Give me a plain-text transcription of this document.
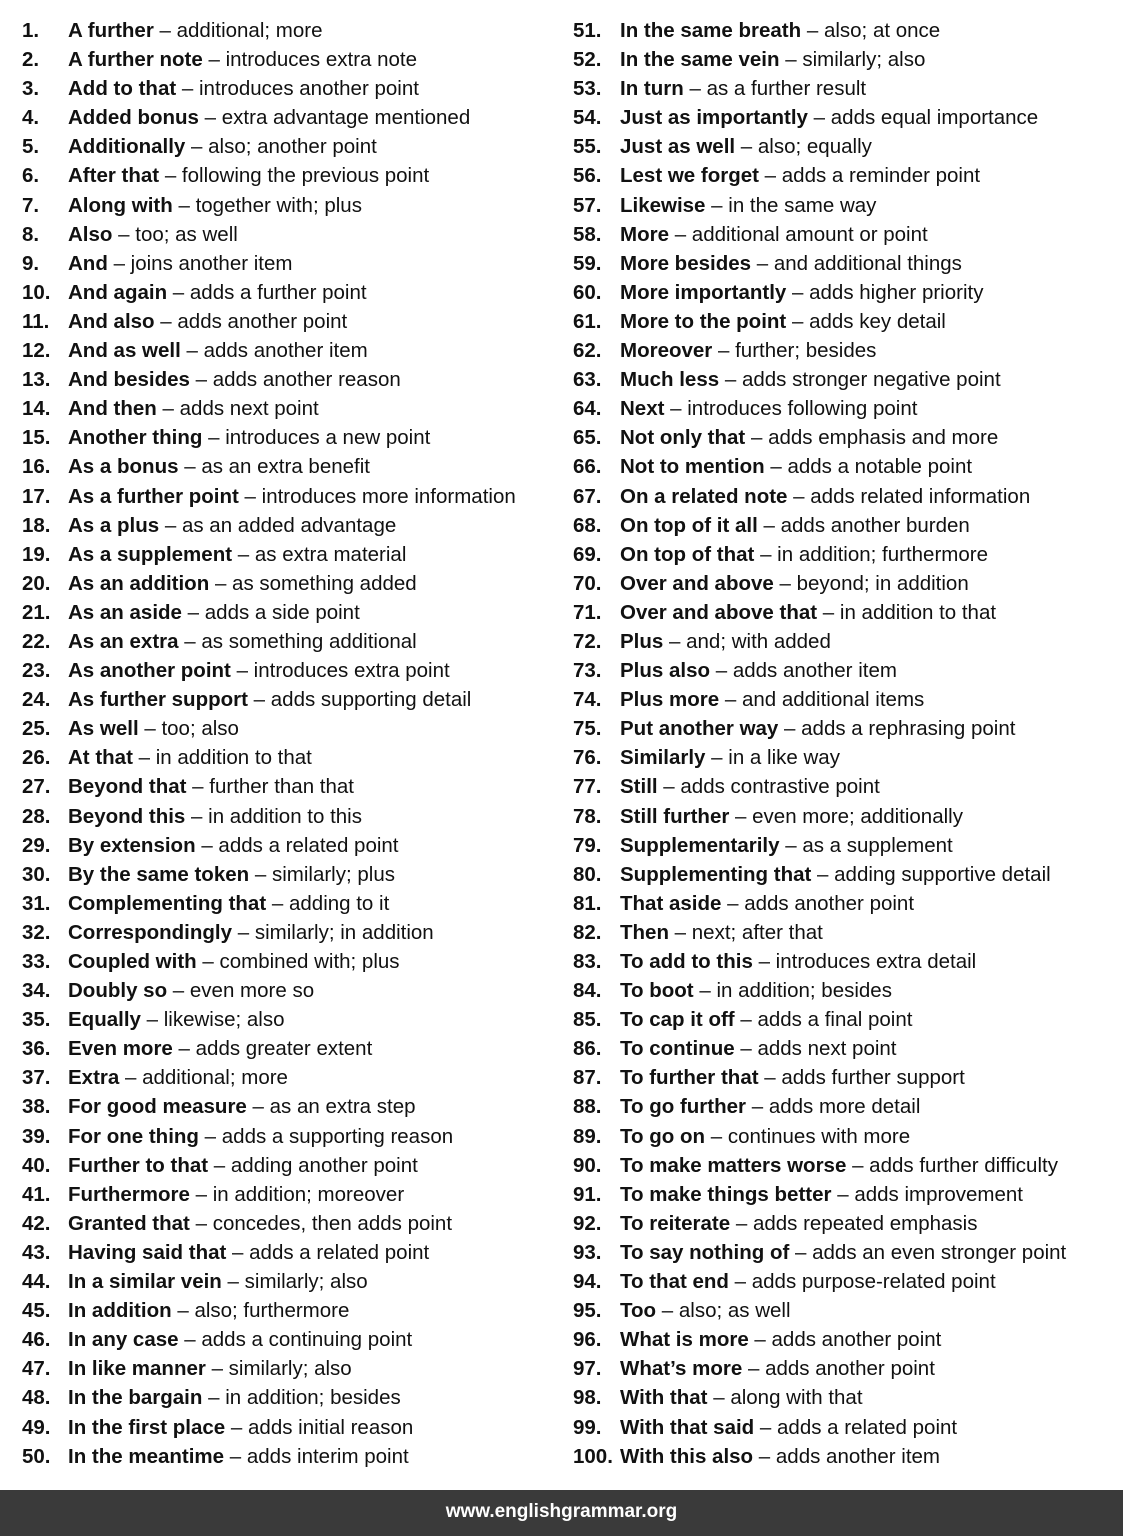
1. A further – additional; more
2. A further note – introduces extra note
3. Add to that – introduces another point
4. Added bonus – extra advantage mentioned
5. Additionally – also; another point
6. After that – following the previous point
7. Along with – together with; plus
8. Also – too; as well
9. And – joins another item
10. And again – adds a further point
11. And also – adds another point
12. And as well – adds another item
13. And besides – adds another reason
14. And then – adds next point
15. Another thing – introduces a new point
16. As a bonus – as an extra benefit
17. As a further point – introduces more information
18. As a plus – as an added advantage
19. As a supplement – as extra material
20. As an addition – as something added
21. As an aside – adds a side point
22. As an extra – as something additional
23. As another point – introduces extra point
24. As further support – adds supporting detail
25. As well – too; also
26. At that – in addition to that
27. Beyond that – further than that
28. Beyond this – in addition to this
29. By extension – adds a related point
30. By the same token – similarly; plus
31. Complementing that – adding to it
32. Correspondingly – similarly; in addition
33. Coupled with – combined with; plus
34. Doubly so – even more so
35. Equally – likewise; also
36. Even more – adds greater extent
37. Extra – additional; more
38. For good measure – as an extra step
39. For one thing – adds a supporting reason
40. Further to that – adding another point
41. Furthermore – in addition; moreover
42. Granted that – concedes, then adds point
43. Having said that – adds a related point
44. In a similar vein – similarly; also
45. In addition – also; furthermore
46. In any case – adds a continuing point
47. In like manner – similarly; also
48. In the bargain – in addition; besides
49. In the first place – adds initial reason
50. In the meantime – adds interim point
51. In the same breath – also; at once
52. In the same vein – similarly; also
53. In turn – as a further result
54. Just as importantly – adds equal importance
55. Just as well – also; equally
56. Lest we forget – adds a reminder point
57. Likewise – in the same way
58. More – additional amount or point
59. More besides – and additional things
60. More importantly – adds higher priority
61. More to the point – adds key detail
62. Moreover – further; besides
63. Much less – adds stronger negative point
64. Next – introduces following point
65. Not only that – adds emphasis and more
66. Not to mention – adds a notable point
67. On a related note – adds related information
68. On top of it all – adds another burden
69. On top of that – in addition; furthermore
70. Over and above – beyond; in addition
71. Over and above that – in addition to that
72. Plus – and; with added
73. Plus also – adds another item
74. Plus more – and additional items
75. Put another way – adds a rephrasing point
76. Similarly – in a like way
77. Still – adds contrastive point
78. Still further – even more; additionally
79. Supplementarily – as a supplement
80. Supplementing that – adding supportive detail
81. That aside – adds another point
82. Then – next; after that
83. To add to this – introduces extra detail
84. To boot – in addition; besides
85. To cap it off – adds a final point
86. To continue – adds next point
87. To further that – adds further support
88. To go further – adds more detail
89. To go on – continues with more
90. To make matters worse – adds further difficulty
91. To make things better – adds improvement
92. To reiterate – adds repeated emphasis
93. To say nothing of – adds an even stronger point
94. To that end – adds purpose-related point
95. Too – also; as well
96. What is more – adds another point
97. What’s more – adds another point
98. With that – along with that
99. With that said – adds a related point
100. With this also – adds another item
www.englishgrammar.org
